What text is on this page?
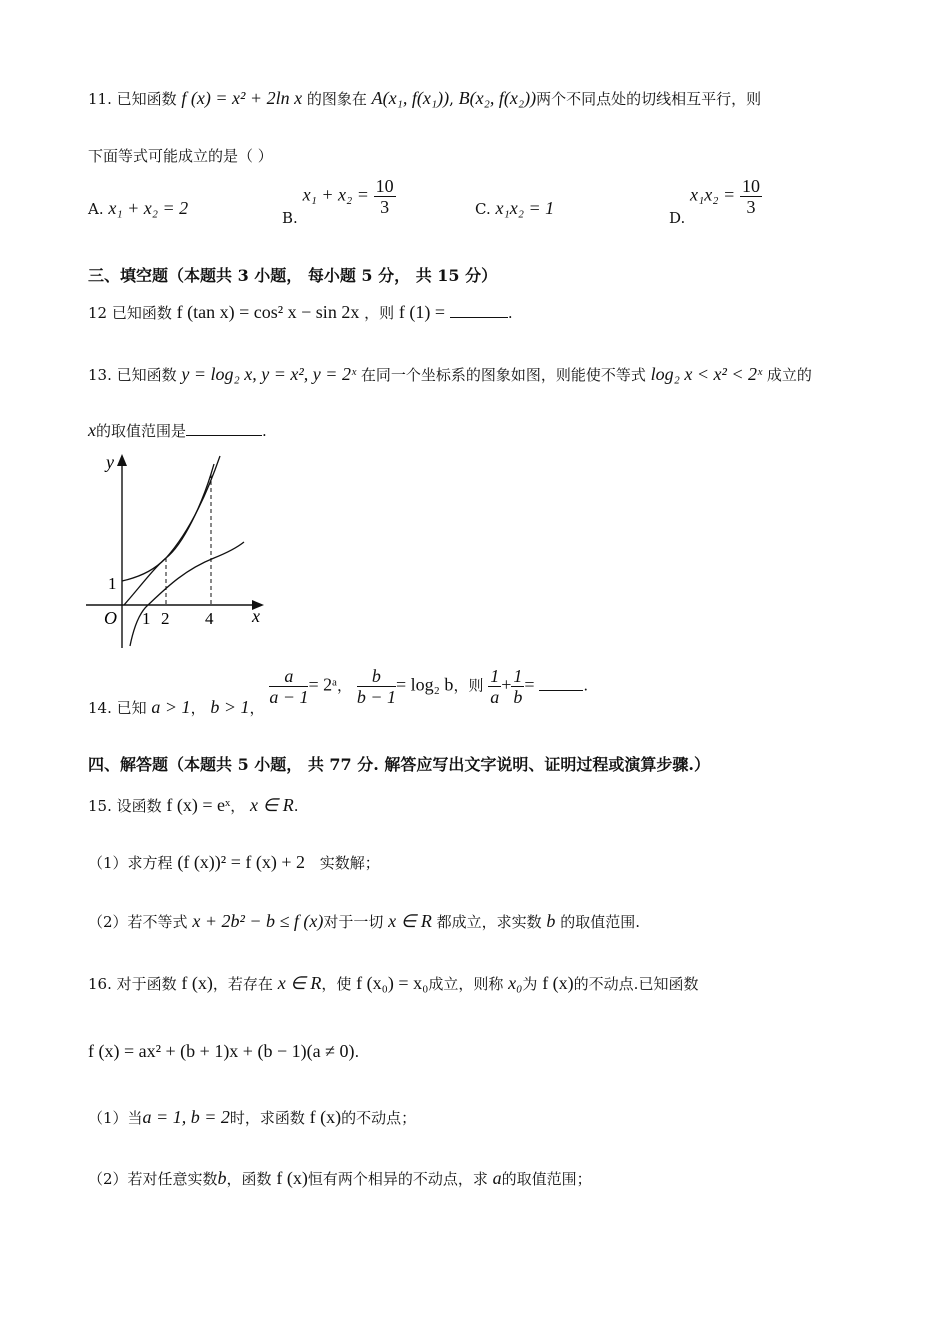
11. 已知函数 f (x) = x² + 2ln x 的图象在 A(x₁, f(x₁)), B(x₂, f(x₂))两个不同点处的切线相互平行，则
下面等式可能成立的是（ ）
A. x₁ + x₂ = 2	B. $x_1 + x_2 = \frac{10}{3}$	C. x₁x₂ = 1	D. $x_1x_2 = \frac{10}{3}$
三、填空题（本题共 3 小题， 每小题 5 分， 共 15 分）
12 已知函数 f (tan x) = cos² x − sin 2x ，则 f (1) =	.
13. 已知函数 y = log₂ x, y = x², y = 2ˣ 在同一个坐标系的图象如图，则能使不等式 log₂ x < x² < 2ˣ 成立的
x的取值范围是	.
y
x
O
1
1 2 4
14. 已知 a > 1， b > 1，
$\frac{a}{a - 1}$ = 2ᵃ， $\frac{b}{b - 1} = \log_2$ b，则 $\frac{1}{a} + \frac{1}{b}$ =	.
四、解答题（本题共 5 小题， 共 77 分. 解答应写出文字说明、证明过程或演算步骤.）
15. 设函数 f (x) = eˣ， x ∈ R.
（1）求方程 (f (x))² = f (x) + 2 实数解；
（2）若不等式 x + 2b² − b ≤ f (x)对于一切 x ∈ R 都成立，求实数 b 的取值范围.
16. 对于函数 f (x)，若存在 x ∈ R，使 f (x₀) = x₀成立，则称 x₀为 f (x)的不动点.已知函数
f (x) = ax² + (b + 1)x + (b − 1)(a ≠ 0).
（1）当a = 1, b = 2时，求函数 f (x)的不动点；
（2）若对任意实数b，函数 f (x)恒有两个相异的不动点，求 a的取值范围；
